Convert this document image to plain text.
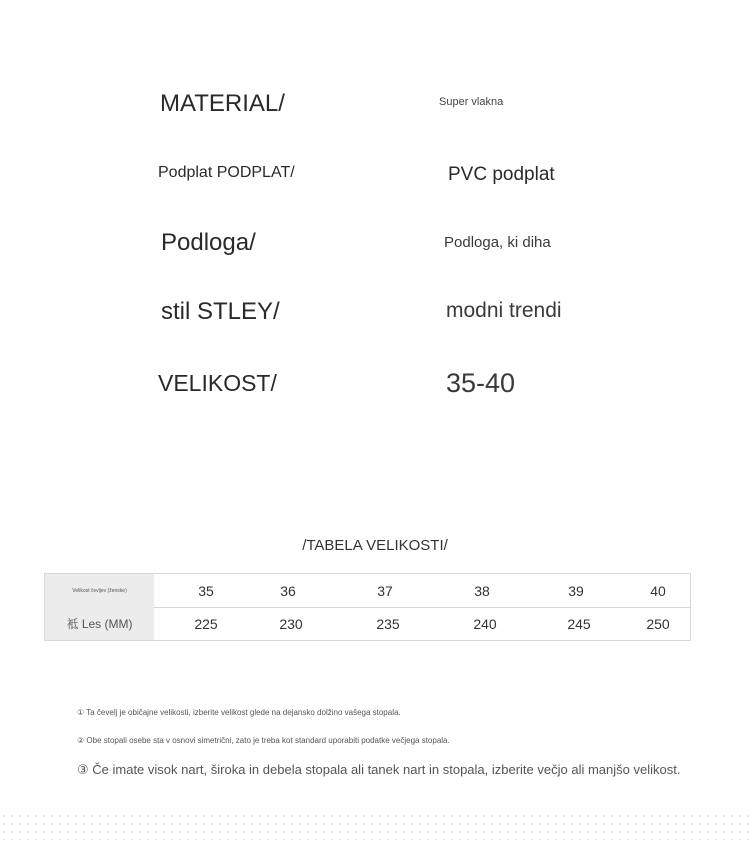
MATERIAL/	Super vlakna
Podplat PODPLAT/	PVC podplat
Podloga/	Podloga, ki diha
stil STLEY/	modni trendi
VELIKOST/	35-40
/TABELA VELIKOSTI/
Velikost čevljev (ženske)	35	36	37	38	39	40
袛 Les (MM)	225	230	235	240	245	250
① Ta čevelj je običajne velikosti, izberite velikost glede na dejansko dolžino vašega stopala.
② Obe stopali osebe sta v osnovi simetrični, zato je treba kot standard uporabiti podatke večjega stopala.
③ Če imate visok nart, široka in debela stopala ali tanek nart in stopala, izberite večjo ali manjšo velikost.
